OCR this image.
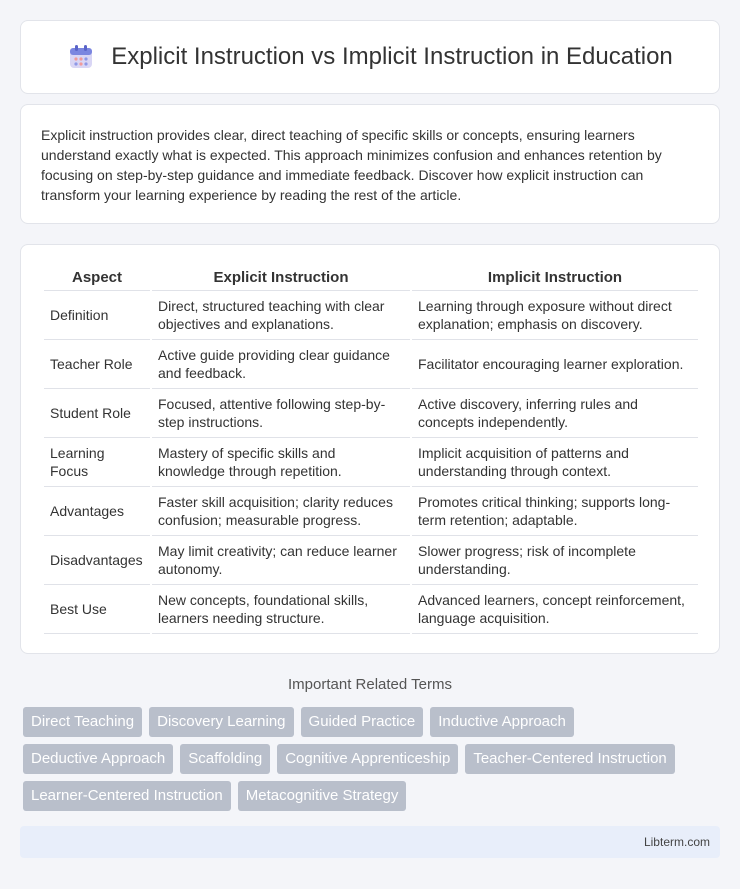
Explicit Instruction vs Implicit Instruction in Education

Explicit instruction provides clear, direct teaching of specific skills or concepts, ensuring learners understand exactly what is expected. This approach minimizes confusion and enhances retention by focusing on step-by-step guidance and immediate feedback. Discover how explicit instruction can transform your learning experience by reading the rest of the article.

Aspect	Explicit Instruction	Implicit Instruction
Definition	Direct, structured teaching with clear objectives and explanations.	Learning through exposure without direct explanation; emphasis on discovery.
Teacher Role	Active guide providing clear guidance and feedback.	Facilitator encouraging learner exploration.
Student Role	Focused, attentive following step-by-step instructions.	Active discovery, inferring rules and concepts independently.
Learning Focus	Mastery of specific skills and knowledge through repetition.	Implicit acquisition of patterns and understanding through context.
Advantages	Faster skill acquisition; clarity reduces confusion; measurable progress.	Promotes critical thinking; supports long-term retention; adaptable.
Disadvantages	May limit creativity; can reduce learner autonomy.	Slower progress; risk of incomplete understanding.
Best Use	New concepts, foundational skills, learners needing structure.	Advanced learners, concept reinforcement, language acquisition.
Important Related Terms
Direct Teaching	Discovery Learning	Guided Practice	Inductive Approach
Deductive Approach	Scaffolding	Cognitive Apprenticeship	Teacher-Centered Instruction
Learner-Centered Instruction	Metacognitive Strategy
Libterm.com
